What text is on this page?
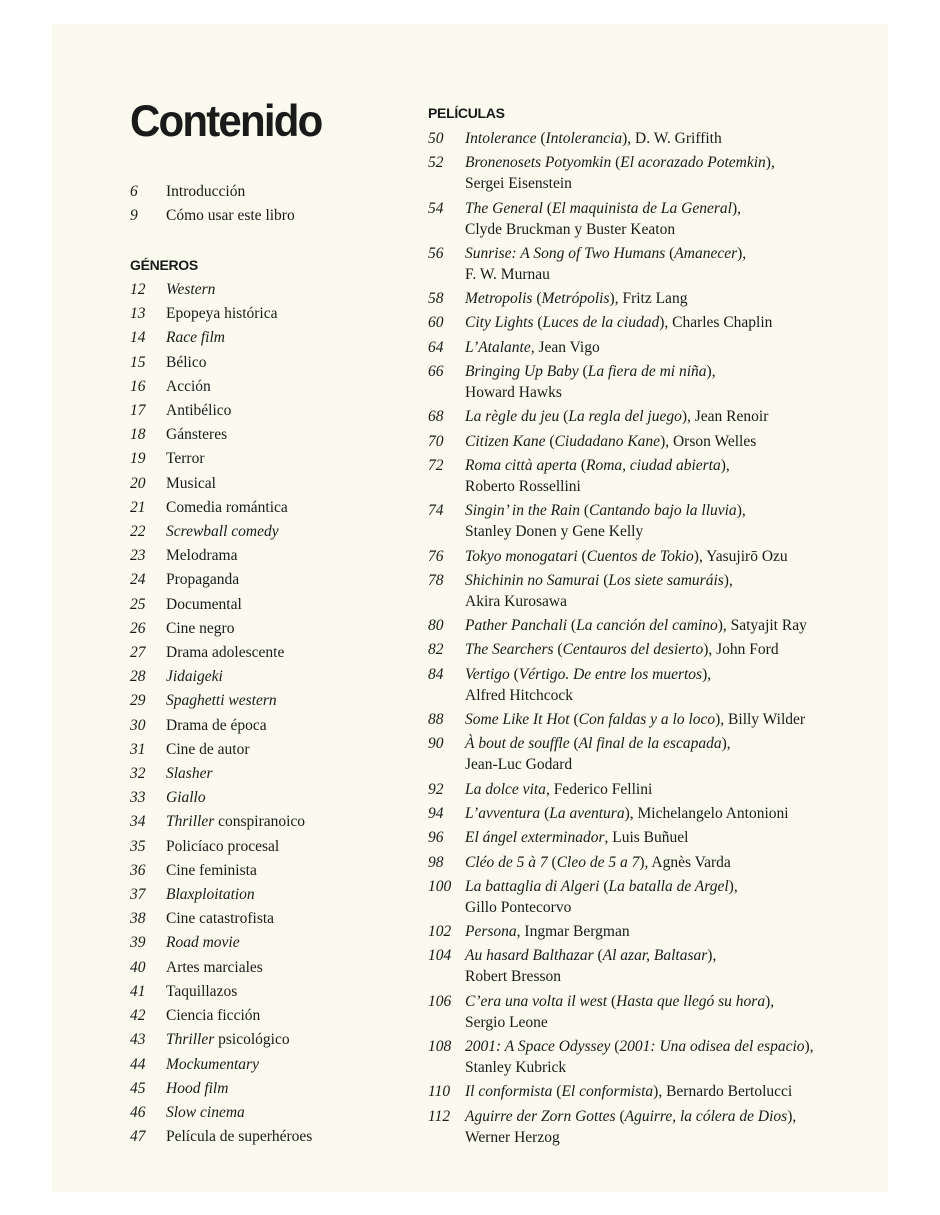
Contenido
6	Introducción
9	Cómo usar este libro
GÉNEROS
12	Western
13	Epopeya histórica
14	Race film
15	Bélico
16	Acción
17	Antibélico
18	Gánsteres
19	Terror
20	Musical
21	Comedia romántica
22	Screwball comedy
23	Melodrama
24	Propaganda
25	Documental
26	Cine negro
27	Drama adolescente
28	Jidaigeki
29	Spaghetti western
30	Drama de época
31	Cine de autor
32	Slasher
33	Giallo
34	Thriller conspiranoico
35	Policíaco procesal
36	Cine feminista
37	Blaxploitation
38	Cine catastrofista
39	Road movie
40	Artes marciales
41	Taquillazos
42	Ciencia ficción
43	Thriller psicológico
44	Mockumentary
45	Hood film
46	Slow cinema
47	Película de superhéroes
PELÍCULAS
50	Intolerance (Intolerancia), D. W. Griffith
52	Bronenosets Potyomkin (El acorazado Potemkin),
Sergei Eisenstein
54	The General (El maquinista de La General),
Clyde Bruckman y Buster Keaton
56	Sunrise: A Song of Two Humans (Amanecer),
F. W. Murnau
58	Metropolis (Metrópolis), Fritz Lang
60	City Lights (Luces de la ciudad), Charles Chaplin
64	L’Atalante, Jean Vigo
66	Bringing Up Baby (La fiera de mi niña),
Howard Hawks
68	La règle du jeu (La regla del juego), Jean Renoir
70	Citizen Kane (Ciudadano Kane), Orson Welles
72	Roma città aperta (Roma, ciudad abierta),
Roberto Rossellini
74	Singin’ in the Rain (Cantando bajo la lluvia),
Stanley Donen y Gene Kelly
76	Tokyo monogatari (Cuentos de Tokio), Yasujirō Ozu
78	Shichinin no Samurai (Los siete samuráis),
Akira Kurosawa
80	Pather Panchali (La canción del camino), Satyajit Ray
82	The Searchers (Centauros del desierto), John Ford
84	Vertigo (Vértigo. De entre los muertos),
Alfred Hitchcock
88	Some Like It Hot (Con faldas y a lo loco), Billy Wilder
90	À bout de souffle (Al final de la escapada),
Jean-Luc Godard
92	La dolce vita, Federico Fellini
94	L’avventura (La aventura), Michelangelo Antonioni
96	El ángel exterminador, Luis Buñuel
98	Cléo de 5 à 7 (Cleo de 5 a 7), Agnès Varda
100 La battaglia di Algeri (La batalla de Argel),
Gillo Pontecorvo
102 Persona, Ingmar Bergman
104 Au hasard Balthazar (Al azar, Baltasar),
Robert Bresson
106 C’era una volta il west (Hasta que llegó su hora),
Sergio Leone
108 2001: A Space Odyssey (2001: Una odisea del espacio),
Stanley Kubrick
110 Il conformista (El conformista), Bernardo Bertolucci
112 Aguirre der Zorn Gottes (Aguirre, la cólera de Dios),
Werner Herzog
